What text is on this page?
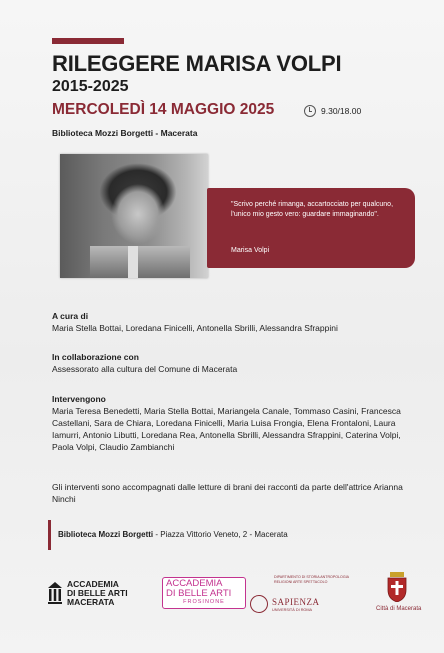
RILEGGERE MARISA VOLPI
2015-2025
MERCOLEDÌ 14 MAGGIO 2025	9.30/18.00
Biblioteca Mozzi Borgetti - Macerata
"Scrivo perché rimanga, accartocciato per qualcuno, l'unico mio gesto vero: guardare immaginando".
Marisa Volpi
A cura di
Maria Stella Bottai, Loredana Finicelli, Antonella Sbrilli, Alessandra Sfrappini
In collaborazione con
Assessorato alla cultura del Comune di Macerata
Intervengono
Maria Teresa Benedetti, Maria Stella Bottai, Mariangela Canale, Tommaso Casini, Francesca Castellani, Sara de Chiara, Loredana Finicelli, Maria Luisa Frongia, Elena Frontaloni, Laura Iamurri, Antonio Libutti, Loredana Rea, Antonella Sbrilli, Alessandra Sfrappini, Caterina Volpi, Paola Volpi, Claudio Zambianchi
Gli interventi sono accompagnati dalle letture di brani dei racconti da parte dell'attrice Arianna Ninchi
Biblioteca Mozzi Borgetti - Piazza Vittorio Veneto, 2 - Macerata
ACCADEMIA
DI BELLE ARTI
MACERATA
ACCADEMIA
DI BELLE ARTI
FROSINONE
DIPARTIMENTO DI STORIA ANTROPOLOGIA RELIGIONI ARTE SPETTACOLO
SAPIENZA
UNIVERSITÀ DI ROMA	Città di Macerata
